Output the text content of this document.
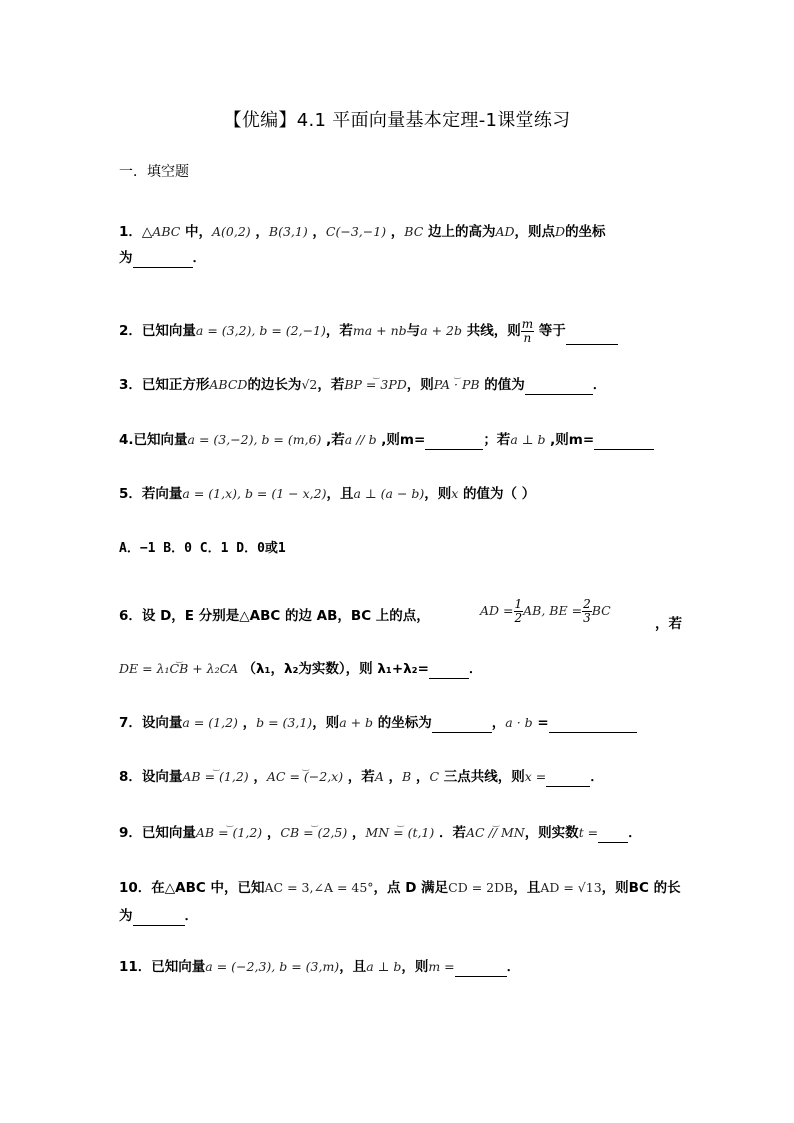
【优编】4.1 平面向量基本定理-1课堂练习
一．填空题
1．△ABC 中，A(0,2) ，B(3,1) ，C(−3,−1) ，BC 边上的高为AD，则点D的坐标
为	．
2．已知向量a = (3,2), b = (2,−1)，若ma + nb与a + 2b 共线，则 $\frac{m}{n}$ 等于
3．已知正方形ABCD的边长为√2，若‿ BP = 3PD，则‿ PA · PB 的值为	．
4.已知向量a = (3,−2), b = (m,6) ,若a // b ,则m=	；若a ⊥ b ,则m=
5．若向量a = (1,x), b = (1 − x,2)，且a ⊥ (a − b)，则x 的值为（ ）
A．−1 B．0 C．1 D．0或1
6．设 D，E 分别是△ABC 的边 AB，BC 上的点，	AD = $\frac{1}{2}$ AB, BE = $\frac{2}{3}$ BC
，若
‿ DE = λ₁CB + λ₂CA （λ₁，λ₂为实数），则 λ₁+λ₂=	．
7．设向量a = (1,2) ，b = (3,1)，则a + b 的坐标为	，a · b =
8．设向量‿ AB = (1,2) ，‿ AC = (−2,x) ，若A ，B ，C 三点共线，则x =	．
9．已知向量‿ AB = (1,2) ，‿ CB = (2,5) ，‿ MN = (t,1) ．若‿ AC // MN，则实数t = ．
10．在△ABC 中，已知AC = 3,∠A = 45°，点 D 满足CD = 2DB，且AD = √13，则BC 的长
为	．
11．已知向量a = (−2,3), b = (3,m)，且a ⊥ b，则m =	．
